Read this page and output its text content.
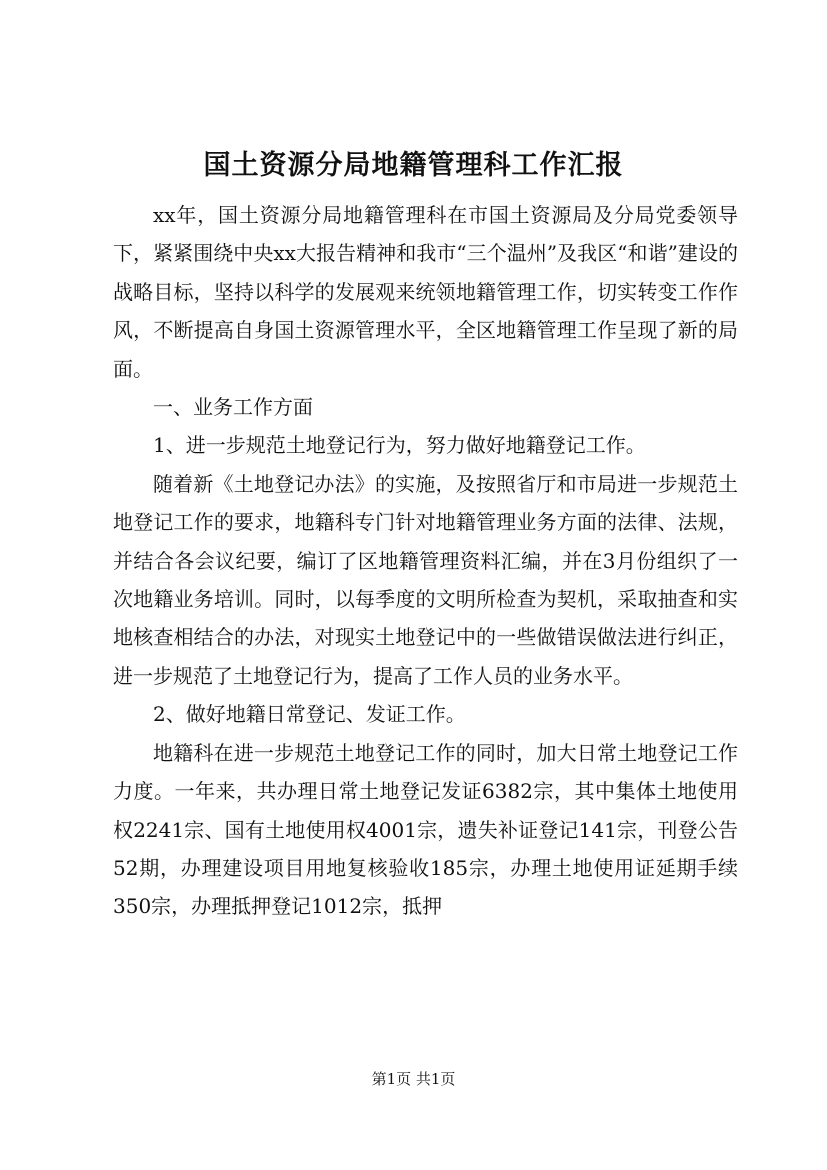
国土资源分局地籍管理科工作汇报

xx年，国土资源分局地籍管理科在市国土资源局及分局党委领导下，紧紧围绕中央xx大报告精神和我市“三个温州”及我区“和谐”建设的战略目标，坚持以科学的发展观来统领地籍管理工作，切实转变工作作风，不断提高自身国土资源管理水平，全区地籍管理工作呈现了新的局面。

一、业务工作方面

1、进一步规范土地登记行为，努力做好地籍登记工作。

随着新《土地登记办法》的实施，及按照省厅和市局进一步规范土地登记工作的要求，地籍科专门针对地籍管理业务方面的法律、法规，并结合各会议纪要，编订了区地籍管理资料汇编，并在3月份组织了一次地籍业务培训。同时，以每季度的文明所检查为契机，采取抽查和实地核查相结合的办法，对现实土地登记中的一些做错误做法进行纠正，进一步规范了土地登记行为，提高了工作人员的业务水平。

2、做好地籍日常登记、发证工作。

地籍科在进一步规范土地登记工作的同时，加大日常土地登记工作力度。一年来，共办理日常土地登记发证6382宗，其中集体土地使用权2241宗、国有土地使用权4001宗，遗失补证登记141宗，刊登公告52期，办理建设项目用地复核验收185宗，办理土地使用证延期手续350宗，办理抵押登记1012宗，抵押

第1页 共1页
